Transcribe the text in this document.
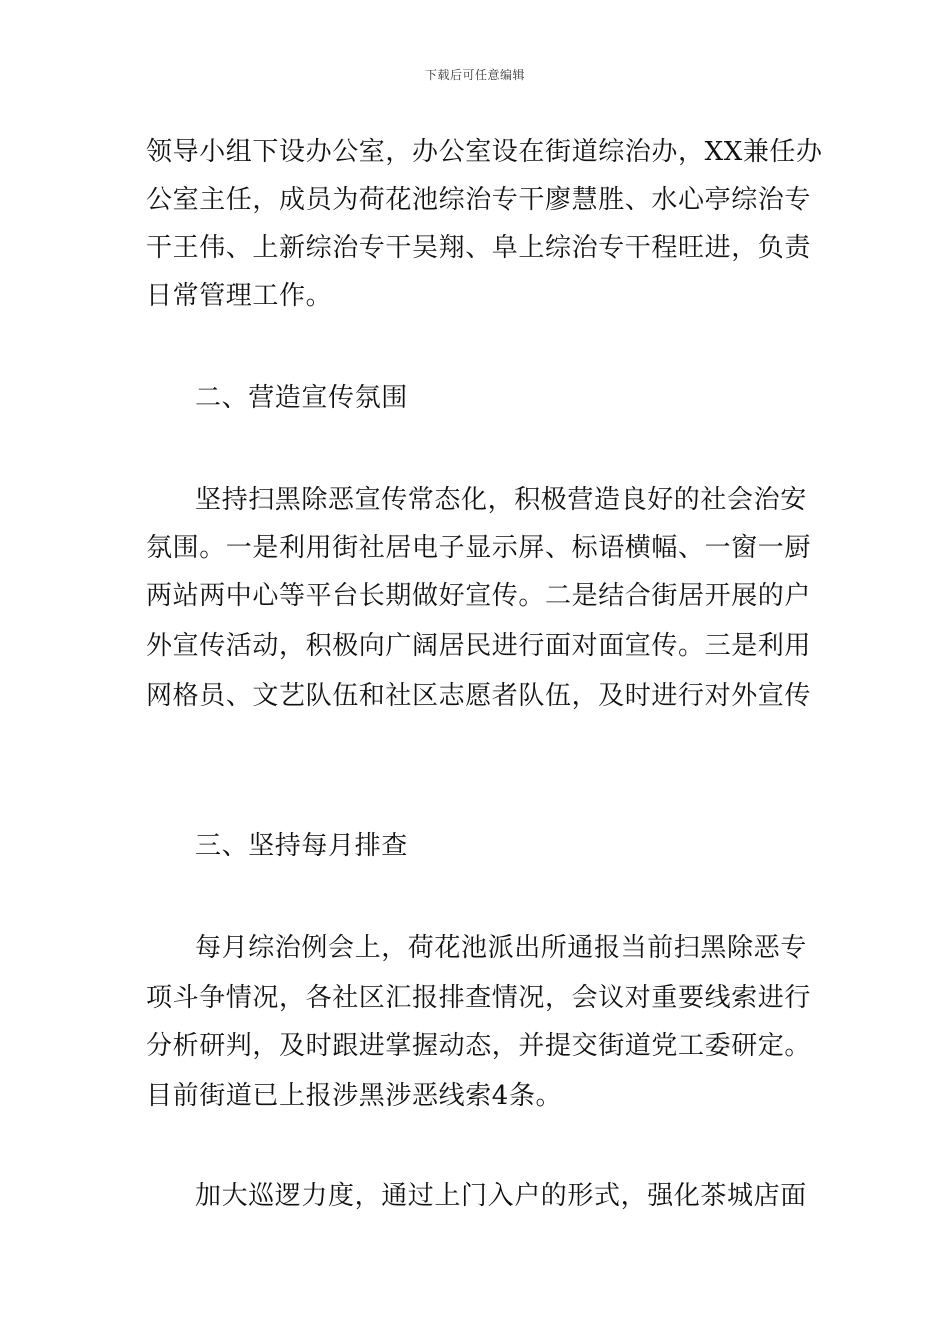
下载后可任意编辑
领导小组下设办公室，办公室设在街道综治办，XX兼任办
公室主任，成员为荷花池综治专干廖慧胜、水心亭综治专
干王伟、上新综治专干吴翔、阜上综治专干程旺进，负责
日常管理工作。
二、营造宣传氛围
坚持扫黑除恶宣传常态化，积极营造良好的社会治安
氛围。一是利用街社居电子显示屏、标语横幅、一窗一厨
两站两中心等平台长期做好宣传。二是结合街居开展的户
外宣传活动，积极向广阔居民进行面对面宣传。三是利用
网格员、文艺队伍和社区志愿者队伍，及时进行对外宣传
三、坚持每月排查
每月综治例会上，荷花池派出所通报当前扫黑除恶专
项斗争情况，各社区汇报排查情况，会议对重要线索进行
分析研判，及时跟进掌握动态，并提交街道党工委研定。
目前街道已上报涉黑涉恶线索4条。
加大巡逻力度，通过上门入户的形式，强化茶城店面
